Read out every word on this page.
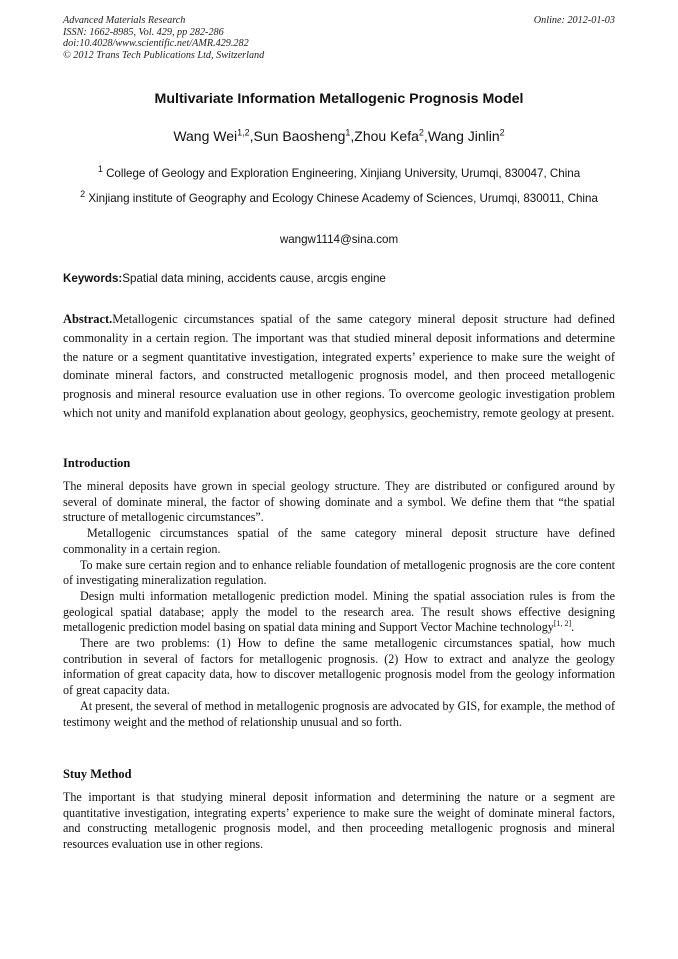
Advanced Materials Research
ISSN: 1662-8985, Vol. 429, pp 282-286
doi:10.4028/www.scientific.net/AMR.429.282
© 2012 Trans Tech Publications Ltd, Switzerland
Online: 2012-01-03
Multivariate Information Metallogenic Prognosis Model
Wang Wei$^{1,2}$,Sun Baosheng$^1$,Zhou Kefa$^2$,Wang Jinlin$^2$
$^1$ College of Geology and Exploration Engineering, Xinjiang University, Urumqi, 830047, China
$^2$ Xinjiang institute of Geography and Ecology Chinese Academy of Sciences, Urumqi, 830011, China
wangw1114@sina.com
Keywords:Spatial data mining, accidents cause, arcgis engine

Abstract.Metallogenic circumstances spatial of the same category mineral deposit structure had defined commonality in a certain region. The important was that studied mineral deposit informations and determine the nature or a segment quantitative investigation, integrated experts’ experience to make sure the weight of dominate mineral factors, and constructed metallogenic prognosis model, and then proceed metallogenic prognosis and mineral resource evaluation use in other regions. To overcome geologic investigation problem which not unity and manifold explanation about geology, geophysics, geochemistry, remote geology at present.

Introduction

The mineral deposits have grown in special geology structure. They are distributed or configured around by several of dominate mineral, the factor of showing dominate and a symbol. We define them that “the spatial structure of metallogenic circumstances”.

Metallogenic circumstances spatial of the same category mineral deposit structure have defined commonality in a certain region.

To make sure certain region and to enhance reliable foundation of metallogenic prognosis are the core content of investigating mineralization regulation.

Design multi information metallogenic prediction model. Mining the spatial association rules is from the geological spatial database; apply the model to the research area. The result shows effective designing metallogenic prediction model basing on spatial data mining and Support Vector Machine technology[1, 2].

There are two problems: (1) How to define the same metallogenic circumstances spatial, how much contribution in several of factors for metallogenic prognosis. (2) How to extract and analyze the geology information of great capacity data, how to discover metallogenic prognosis model from the geology information of great capacity data.

At present, the several of method in metallogenic prognosis are advocated by GIS, for example, the method of testimony weight and the method of relationship unusual and so forth.

Stuy Method

The important is that studying mineral deposit information and determining the nature or a segment are quantitative investigation, integrating experts’ experience to make sure the weight of dominate mineral factors, and constructing metallogenic prognosis model, and then proceeding metallogenic prognosis and mineral resources evaluation use in other regions.
